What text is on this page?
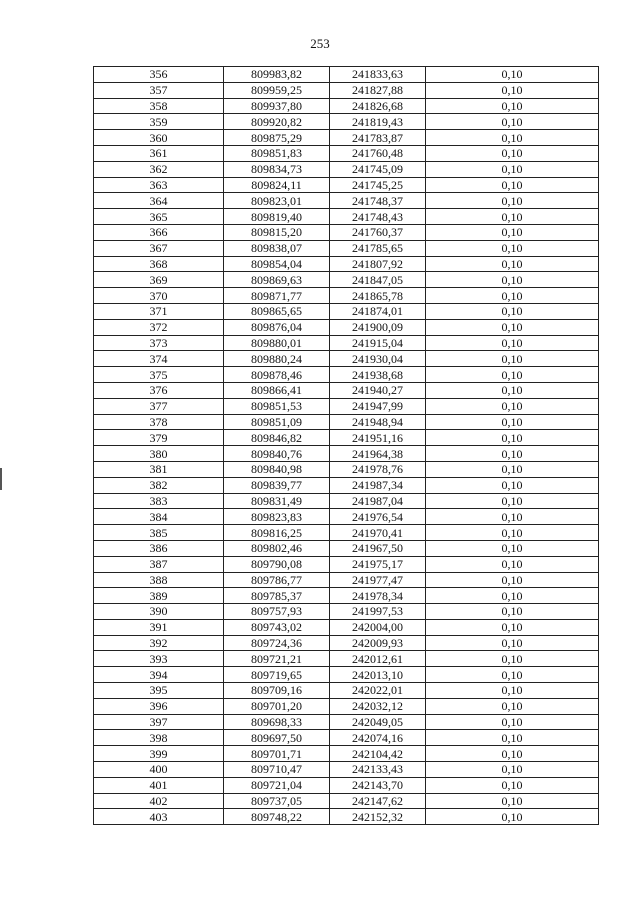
253
356	809983,82	241833,63	0,10
357	809959,25	241827,88	0,10
358	809937,80	241826,68	0,10
359	809920,82	241819,43	0,10
360	809875,29	241783,87	0,10
361	809851,83	241760,48	0,10
362	809834,73	241745,09	0,10
363	809824,11	241745,25	0,10
364	809823,01	241748,37	0,10
365	809819,40	241748,43	0,10
366	809815,20	241760,37	0,10
367	809838,07	241785,65	0,10
368	809854,04	241807,92	0,10
369	809869,63	241847,05	0,10
370	809871,77	241865,78	0,10
371	809865,65	241874,01	0,10
372	809876,04	241900,09	0,10
373	809880,01	241915,04	0,10
374	809880,24	241930,04	0,10
375	809878,46	241938,68	0,10
376	809866,41	241940,27	0,10
377	809851,53	241947,99	0,10
378	809851,09	241948,94	0,10
379	809846,82	241951,16	0,10
380	809840,76	241964,38	0,10
381	809840,98	241978,76	0,10
382	809839,77	241987,34	0,10
383	809831,49	241987,04	0,10
384	809823,83	241976,54	0,10
385	809816,25	241970,41	0,10
386	809802,46	241967,50	0,10
387	809790,08	241975,17	0,10
388	809786,77	241977,47	0,10
389	809785,37	241978,34	0,10
390	809757,93	241997,53	0,10
391	809743,02	242004,00	0,10
392	809724,36	242009,93	0,10
393	809721,21	242012,61	0,10
394	809719,65	242013,10	0,10
395	809709,16	242022,01	0,10
396	809701,20	242032,12	0,10
397	809698,33	242049,05	0,10
398	809697,50	242074,16	0,10
399	809701,71	242104,42	0,10
400	809710,47	242133,43	0,10
401	809721,04	242143,70	0,10
402	809737,05	242147,62	0,10
403	809748,22	242152,32	0,10
